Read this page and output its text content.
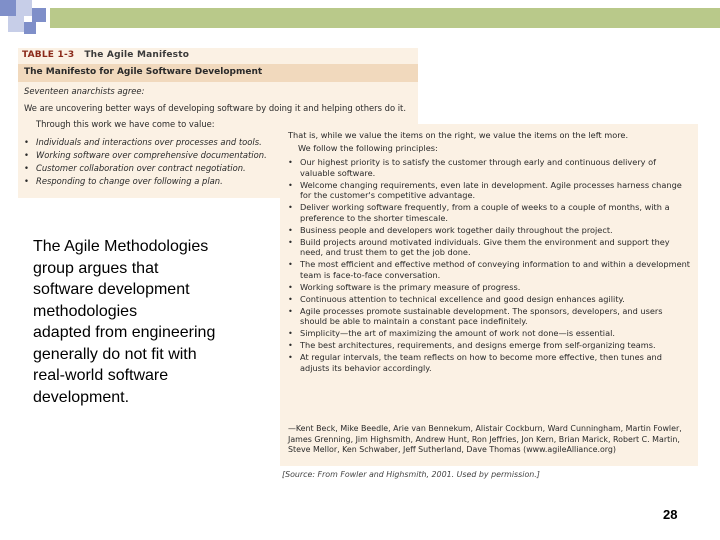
TABLE 1-3 The Agile Manifesto
The Manifesto for Agile Software Development
Seventeen anarchists agree:
We are uncovering better ways of developing software by doing it and helping others do it.
Through this work we have come to value:
• Individuals and interactions over processes and tools.
• Working software over comprehensive documentation.
• Customer collaboration over contract negotiation.
• Responding to change over following a plan.
That is, while we value the items on the right, we value the items on the left more.
We follow the following principles:
• Our highest priority is to satisfy the customer through early and continuous delivery of valuable software.
• Welcome changing requirements, even late in development. Agile processes harness change for the customer's competitive advantage.
• Deliver working software frequently, from a couple of weeks to a couple of months, with a preference to the shorter timescale.
• Business people and developers work together daily throughout the project.
• Build projects around motivated individuals. Give them the environment and support they need, and trust them to get the job done.
• The most efficient and effective method of conveying information to and within a development team is face-to-face conversation.
• Working software is the primary measure of progress.
• Continuous attention to technical excellence and good design enhances agility.
• Agile processes promote sustainable development. The sponsors, developers, and users should be able to maintain a constant pace indefinitely.
• Simplicity—the art of maximizing the amount of work not done—is essential.
• The best architectures, requirements, and designs emerge from self-organizing teams.
• At regular intervals, the team reflects on how to become more effective, then tunes and adjusts its behavior accordingly.
—Kent Beck, Mike Beedle, Arie van Bennekum, Alistair Cockburn, Ward Cunningham, Martin Fowler, James Grenning, Jim Highsmith, Andrew Hunt, Ron Jeffries, Jon Kern, Brian Marick, Robert C. Martin, Steve Mellor, Ken Schwaber, Jeff Sutherland, Dave Thomas (www.agileAlliance.org)
[Source: From Fowler and Highsmith, 2001. Used by permission.]
The Agile Methodologies
group argues that
software development
methodologies
adapted from engineering
generally do not fit with
real-world software
development.
28
